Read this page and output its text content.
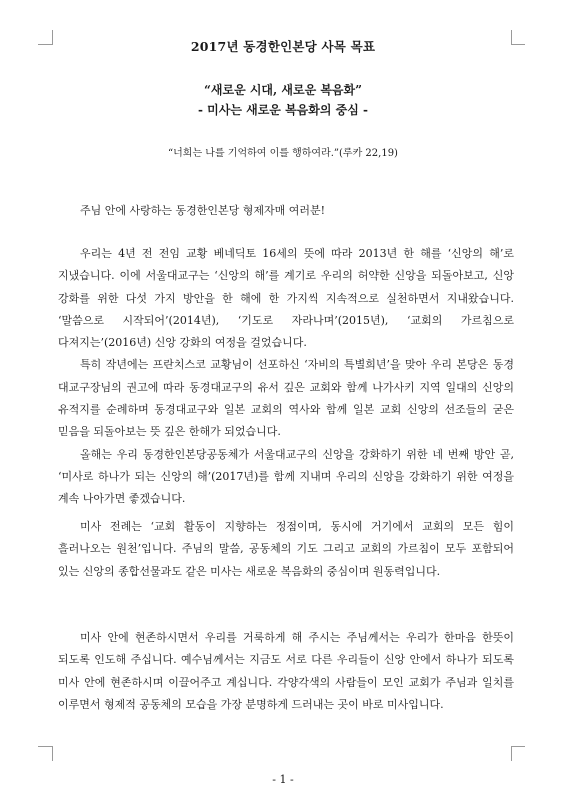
2017년 동경한인본당 사목 목표
“새로운 시대, 새로운 복음화”
- 미사는 새로운 복음화의 중심 -
“너희는 나를 기억하여 이를 행하여라.”(루카 22,19)

주님 안에 사랑하는 동경한인본당 형제자매 여러분!

우리는 4년 전 전임 교황 베네딕토 16세의 뜻에 따라 2013년 한 해를 ‘신앙의 해’로 지냈습니다. 이에 서울대교구는 ‘신앙의 해’를 계기로 우리의 허약한 신앙을 되돌아보고, 신앙 강화를 위한 다섯 가지 방안을 한 해에 한 가지씩 지속적으로 실천하면서 지내왔습니다. ‘말씀으로 시작되어’(2014년), ‘기도로 자라나며’(2015년), ‘교회의 가르침으로 다져지는’(2016년) 신앙 강화의 여정을 걸었습니다.

특히 작년에는 프란치스코 교황님이 선포하신 ‘자비의 특별희년’을 맞아 우리 본당은 동경 대교구장님의 권고에 따라 동경대교구의 유서 깊은 교회와 함께 나가사키 지역 일대의 신앙의 유적지를 순례하며 동경대교구와 일본 교회의 역사와 함께 일본 교회 신앙의 선조들의 굳은 믿음을 되돌아보는 뜻 깊은 한해가 되었습니다.

올해는 우리 동경한인본당공동체가 서울대교구의 신앙을 강화하기 위한 네 번째 방안 곧, ‘미사로 하나가 되는 신앙의 해’(2017년)를 함께 지내며 우리의 신앙을 강화하기 위한 여정을 계속 나아가면 좋겠습니다.

미사 전례는 ‘교회 활동이 지향하는 정점이며, 동시에 거기에서 교회의 모든 힘이 흘러나오는 원천’입니다. 주님의 말씀, 공동체의 기도 그리고 교회의 가르침이 모두 포함되어 있는 신앙의 종합선물과도 같은 미사는 새로운 복음화의 중심이며 원동력입니다.

미사 안에 현존하시면서 우리를 거룩하게 해 주시는 주님께서는 우리가 한마음 한뜻이 되도록 인도해 주십니다. 예수님께서는 지금도 서로 다른 우리들이 신앙 안에서 하나가 되도록 미사 안에 현존하시며 이끌어주고 계십니다. 각양각색의 사람들이 모인 교회가 주님과 일치를 이루면서 형제적 공동체의 모습을 가장 분명하게 드러내는 곳이 바로 미사입니다.

- 1 -
